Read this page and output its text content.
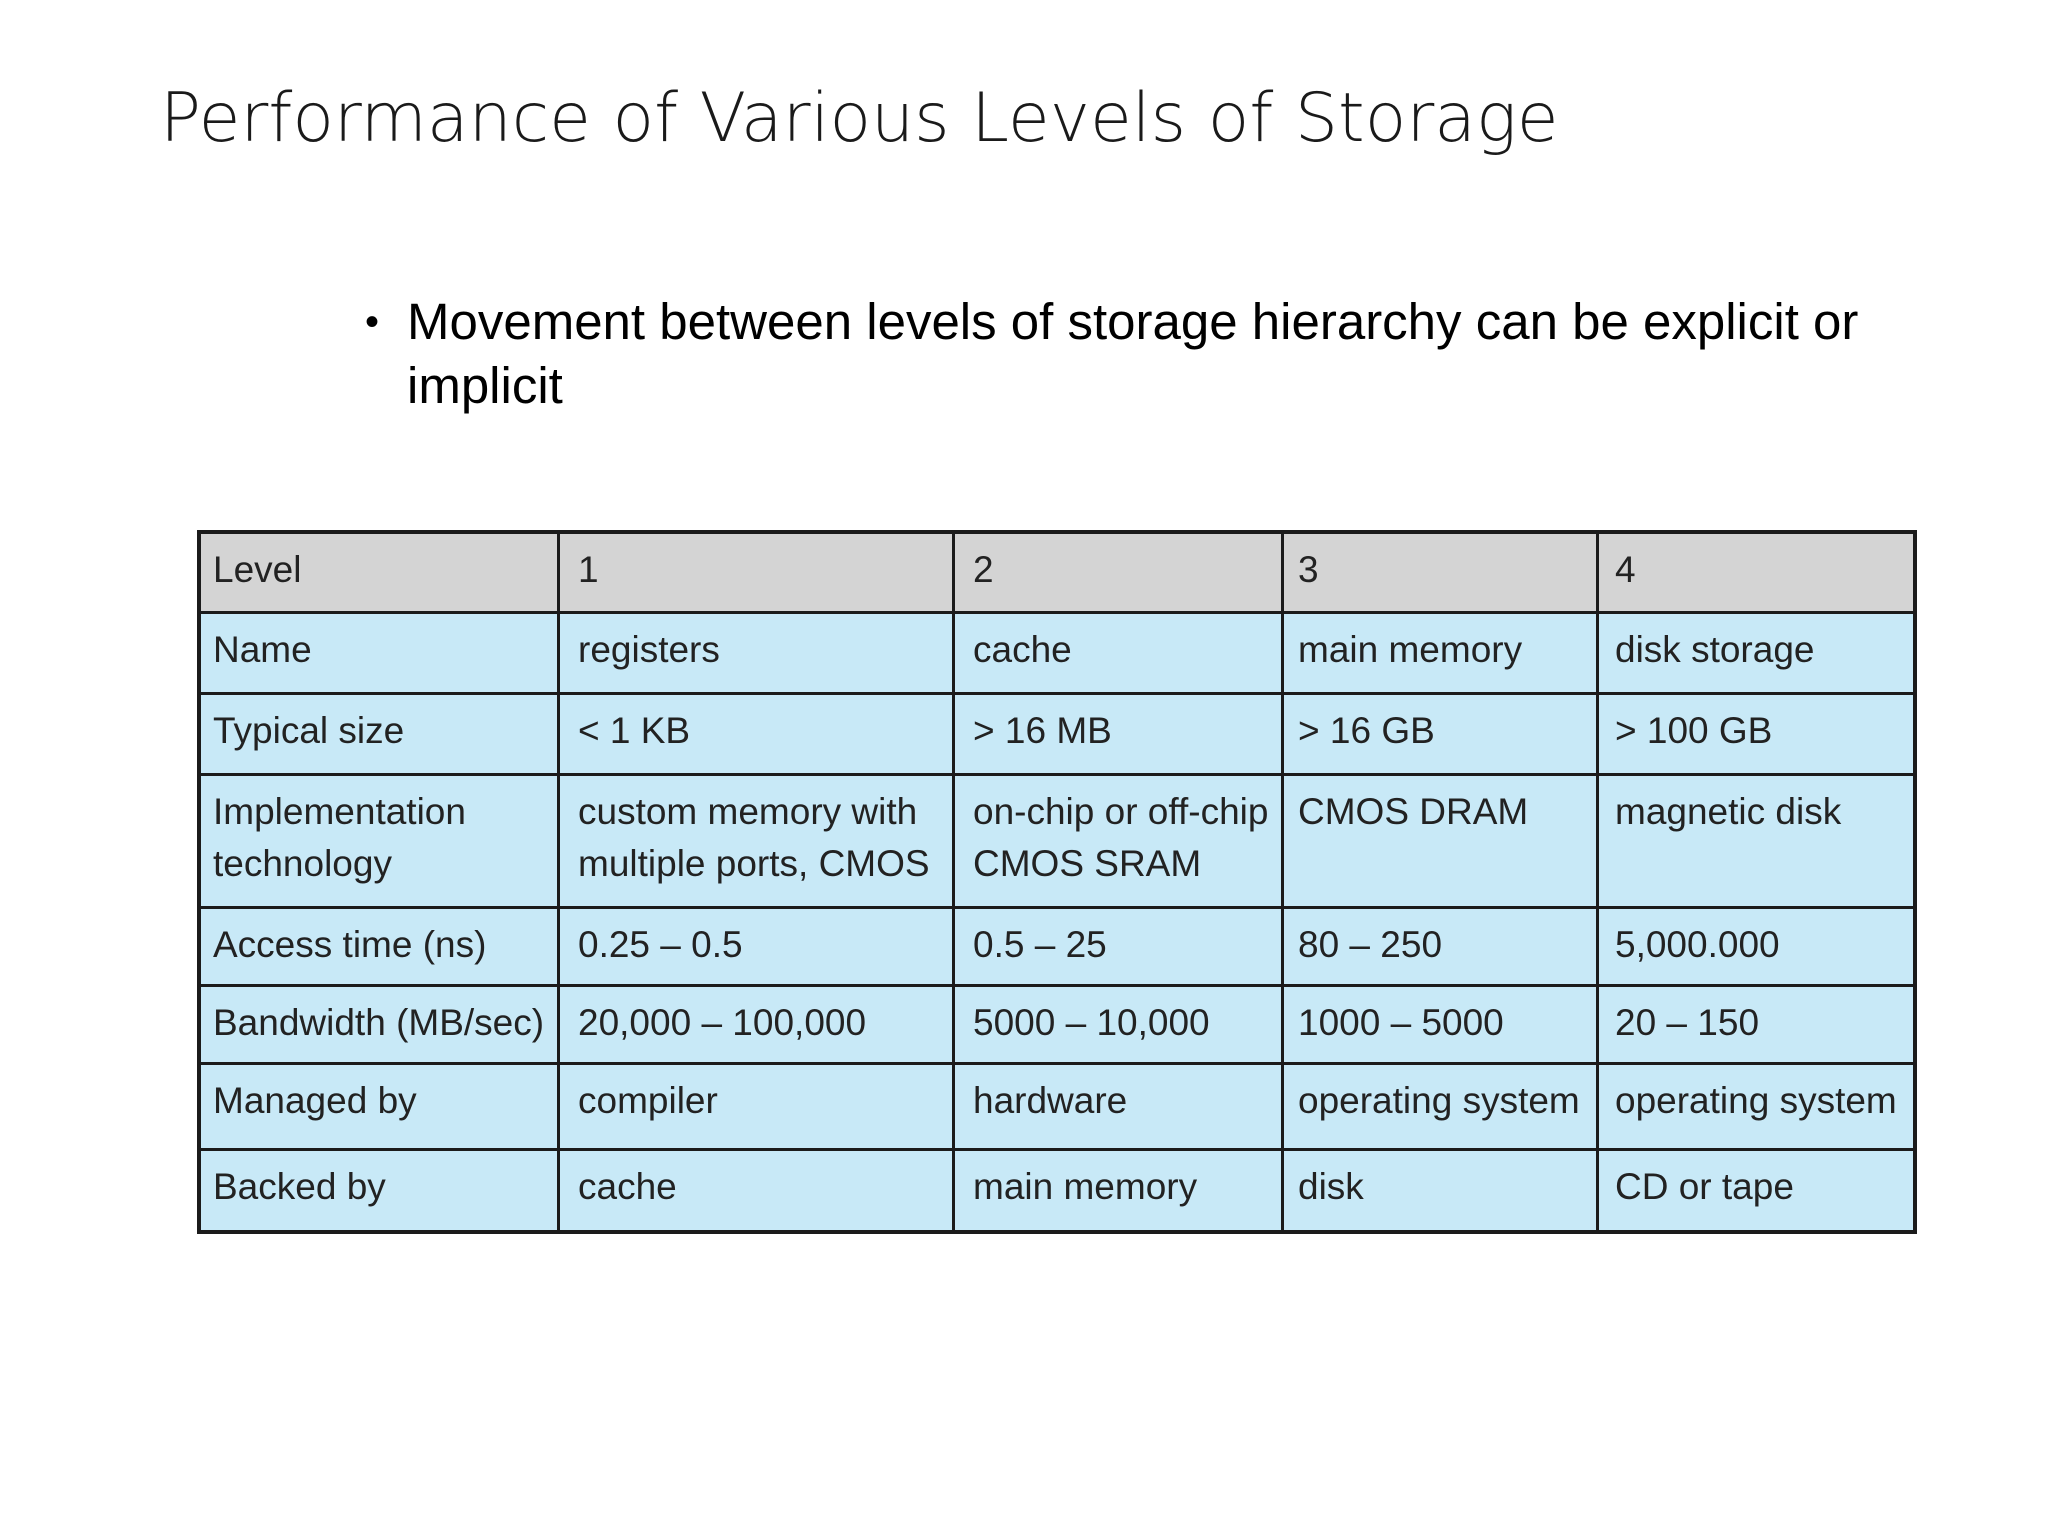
Performance of Various Levels of Storage
• Movement between levels of storage hierarchy can be explicit or implicit
Level	1	2	3	4
Name	registers	cache	main memory	disk storage
Typical size	< 1 KB	> 16 MB	> 16 GB	> 100 GB
Implementation technology	custom memory with multiple ports, CMOS	on-chip or off-chip CMOS SRAM	CMOS DRAM	magnetic disk
Access time (ns)	0.25 – 0.5	0.5 – 25	80 – 250	5,000.000
Bandwidth (MB/sec)	20,000 – 100,000	5000 – 10,000	1000 – 5000	20 – 150
Managed by	compiler	hardware	operating system	operating system
Backed by	cache	main memory	disk	CD or tape
